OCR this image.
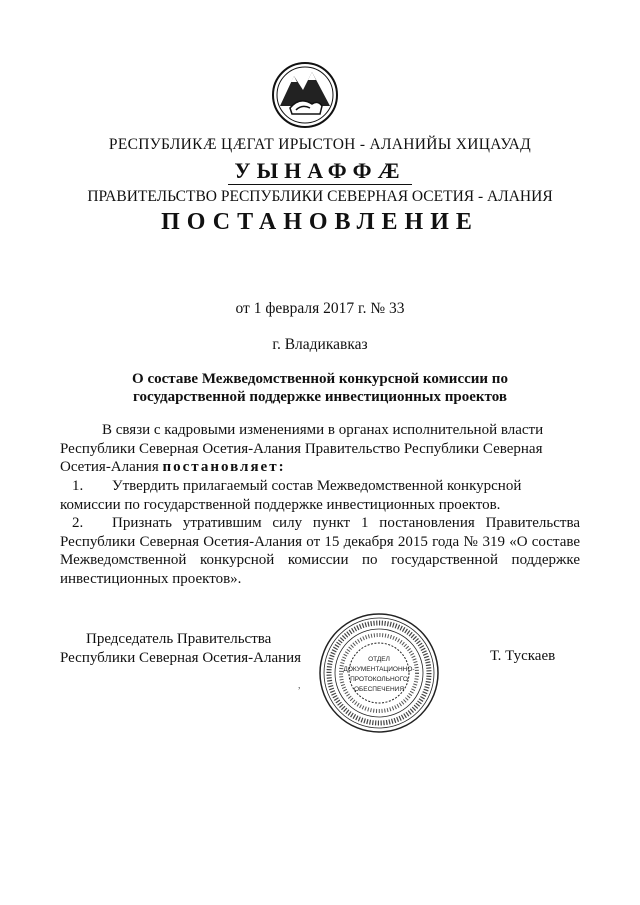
РЕСПУБЛИКӔ ЦӔГАТ ИРЫСТОН - АЛАНИЙЫ ХИЦАУАД
УЫНАФФӔ
ПРАВИТЕЛЬСТВО РЕСПУБЛИКИ СЕВЕРНАЯ ОСЕТИЯ - АЛАНИЯ
ПОСТАНОВЛЕНИЕ
от 1 февраля 2017 г. № 33
г. Владикавказ
О составе Межведомственной конкурсной комиссии по
государственной поддержке инвестиционных проектов
В связи с кадровыми изменениями в органах исполнительной власти Республики Северная Осетия-Алания Правительство Республики Северная Осетия-Алания постановляет:
1. Утвердить прилагаемый состав Межведомственной конкурсной комиссии по государственной поддержке инвестиционных проектов.
2. Признать утратившим силу пункт 1 постановления Правительства Республики Северная Осетия-Алания от 15 декабря 2015 года № 319 «О составе Межведомственной конкурсной комиссии по государственной поддержке инвестиционных проектов».
Председатель Правительства
Республики Северная Осетия-Алания	ОТДЕЛ
ДОКУМЕНТАЦИОННО-
ПРОТОКОЛЬНОГО
ОБЕСПЕЧЕНИЯ
,
Т. Тускаев
